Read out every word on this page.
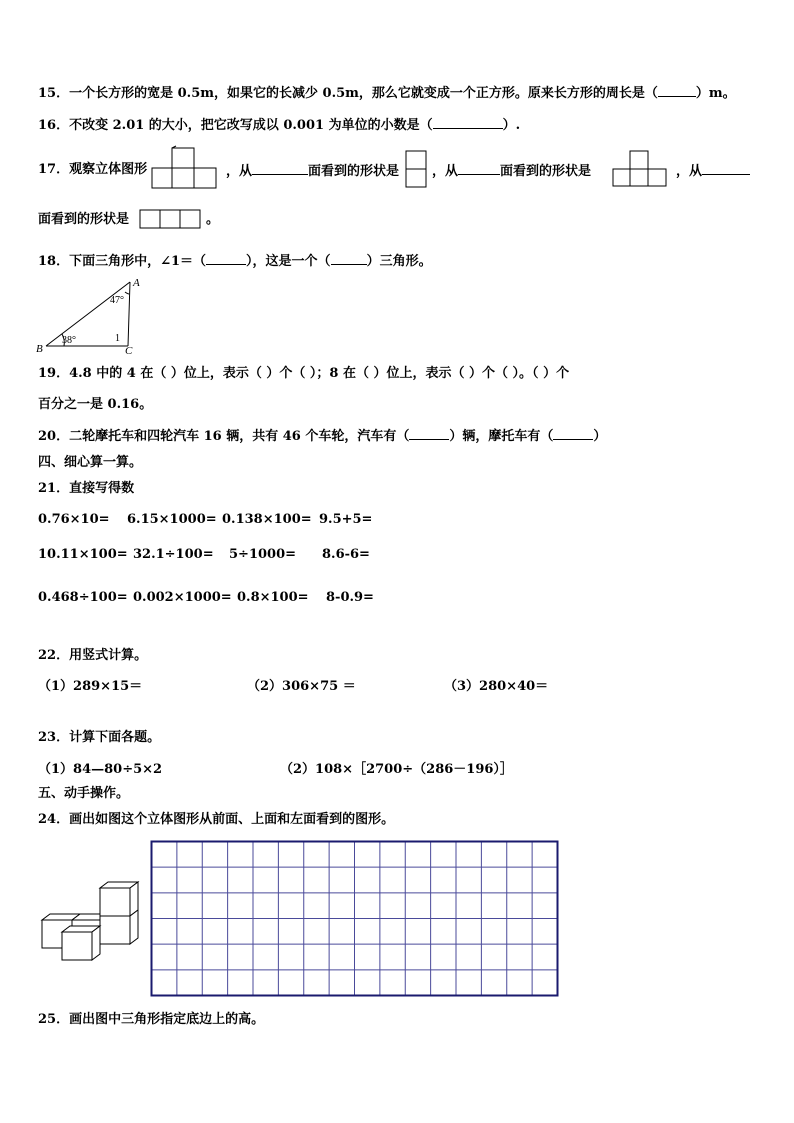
15．一个长方形的宽是 0.5m，如果它的长减少 0.5m，那么它就变成一个正方形。原来长方形的周长是（	）m。
16．不改变 2.01 的大小，把它改写成以 0.001 为单位的小数是（	）.
17．观察立体图形	，从	面看到的形状是	，从	面看到的形状是	，从
面看到的形状是	。
18．下面三角形中，∠1＝（	），这是一个（	）三角形。
A
B	C
47°
38°	1
19．4.8 中的 4 在（ ）位上，表示（ ）个（ ）；8 在（ ）位上，表示（ ）个（ ）。（ ）个
百分之一是 0.16。
20．二轮摩托车和四轮汽车 16 辆，共有 46 个车轮，汽车有（	）辆，摩托车有（	）
四、细心算一算。
21．直接写得数
0.76×10= 6.15×1000= 0.138×100= 9.5+5=
10.11×100= 32.1÷100= 5÷1000= 8.6-6=
0.468÷100= 0.002×1000= 0.8×100= 8-0.9=
22．用竖式计算。
（1）289×15＝	（2）306×75 ＝	（3）280×40＝
23．计算下面各题。
（1）84—80÷5×2	（2）108×［2700÷（286－196）］
五、动手操作。
24．画出如图这个立体图形从前面、上面和左面看到的图形。
25．画出图中三角形指定底边上的高。
